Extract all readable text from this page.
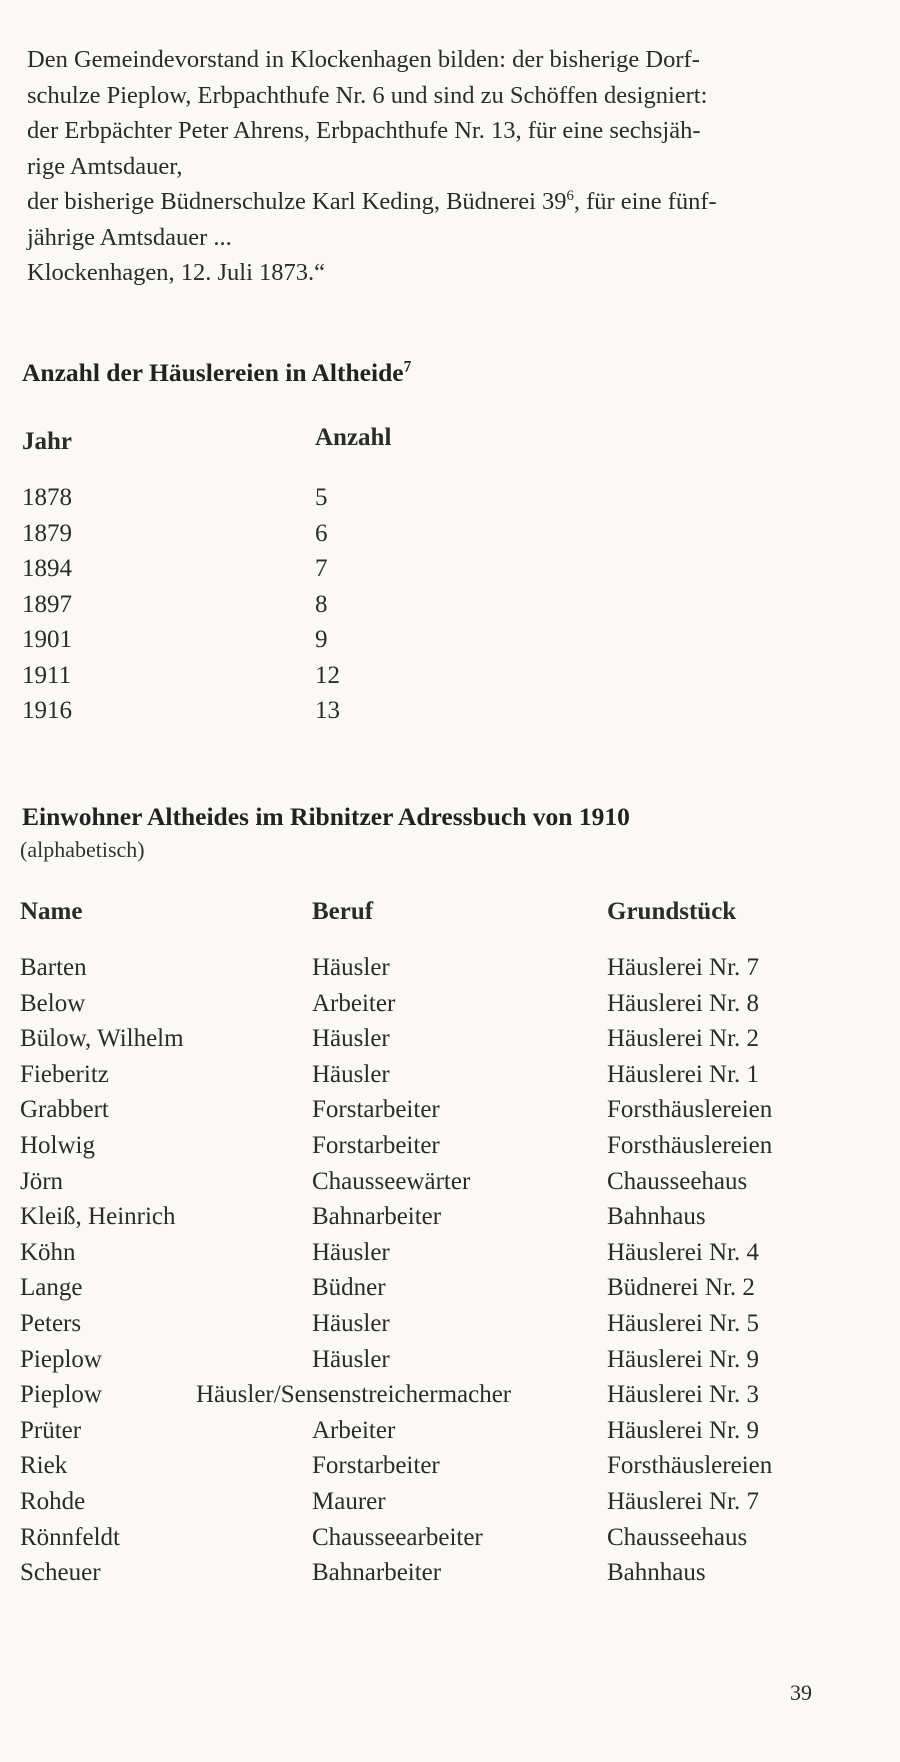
Den Gemeindevorstand in Klockenhagen bilden: der bisherige Dorf-
schulze Pieplow, Erbpachthufe Nr. 6 und sind zu Schöffen designiert:
der Erbpächter Peter Ahrens, Erbpachthufe Nr. 13, für eine sechsjäh-
rige Amtsdauer,
der bisherige Büdnerschulze Karl Keding, Büdnerei $39^6$, für eine fünf-
jährige Amtsdauer ...
Klockenhagen, 12. Juli 1873.“
Anzahl der Häuslereien in Altheide$^7$
Jahr	Anzahl
1878	5
1879	6
1894	7
1897	8
1901	9
1911	12
1916	13
Name	Beruf	Grundstück
Barten	Häusler	Häuslerei Nr. 7
Below	Arbeiter	Häuslerei Nr. 8
Bülow, Wilhelm	Häusler	Häuslerei Nr. 2
Fieberitz	Häusler	Häuslerei Nr. 1
Grabbert	Forstarbeiter	Forsthäuslereien
Holwig	Forstarbeiter	Forsthäuslereien
Jörn	Chausseewärter	Chausseehaus
Kleiß, Heinrich	Bahnarbeiter	Bahnhaus
Köhn	Häusler	Häuslerei Nr. 4
Lange	Büdner	Büdnerei Nr. 2
Peters	Häusler	Häuslerei Nr. 5
Pieplow	Häusler	Häuslerei Nr. 9
Pieplow	Häusler/Sensenstreichermacher	Häuslerei Nr. 3
Prüter	Arbeiter	Häuslerei Nr. 9
Riek	Forstarbeiter	Forsthäuslereien
Rohde	Maurer	Häuslerei Nr. 7
Rönnfeldt	Chausseearbeiter	Chausseehaus
Scheuer	Bahnarbeiter	Bahnhaus
Einwohner Altheides im Ribnitzer Adressbuch von 1910
(alphabetisch)
39
